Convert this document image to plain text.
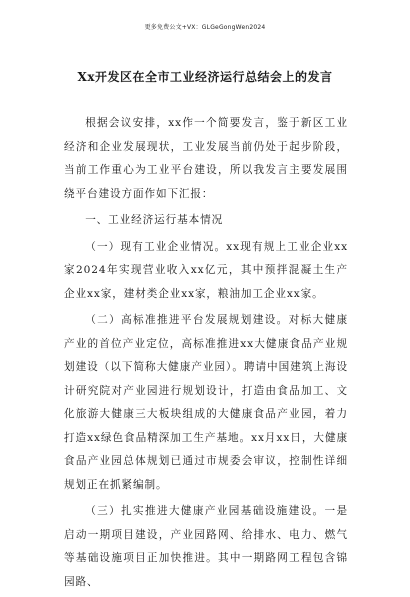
更多免费公文+VX：GLGeGongWen2024
Xx开发区在全市工业经济运行总结会上的发言

根据会议安排，xx作一个简要发言，鉴于新区工业经济和企业发展现状，工业发展当前仍处于起步阶段，当前工作重心为工业平台建设，所以我发言主要发展围绕平台建设方面作如下汇报：

一、工业经济运行基本情况

（一）现有工业企业情况。xx现有规上工业企业xx家2024年实现营业收入xx亿元，其中预拌混凝土生产企业xx家，建材类企业xx家，粮油加工企业xx家。

（二）高标准推进平台发展规划建设。对标大健康产业的首位产业定位，高标准推进xx大健康食品产业规划建设（以下简称大健康产业园）。聘请中国建筑上海设计研究院对产业园进行规划设计，打造由食品加工、文化旅游大健康三大板块组成的大健康食品产业园，着力打造xx绿色食品精深加工生产基地。xx月xx日，大健康食品产业园总体规划已通过市规委会审议，控制性详细规划正在抓紧编制。

（三）扎实推进大健康产业园基础设施建设。一是启动一期项目建设，产业园路网、给排水、电力、燃气等基础设施项目正加快推进。其中一期路网工程包含锦园路、
